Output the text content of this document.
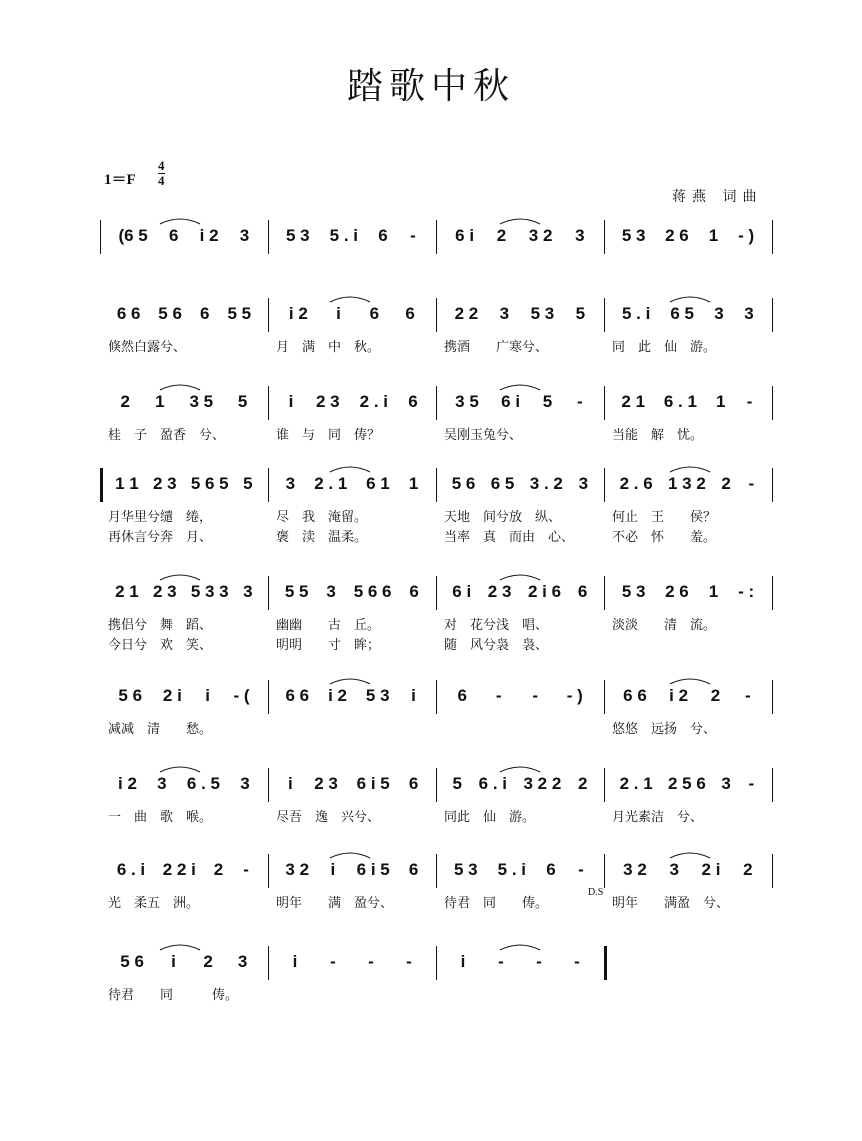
踏歌中秋
$1=F \frac{4}{4}$
蒋燕 词曲
D.S
(6 5 6 i 2 3 5 3 5 . i 6 - 6 i 2 3 2 3 5 3 2 6 1 - )
6 6 5 6 6 5 5 i 2 i 6 6 2 2 3 5 3 5 5 . i 6 5 3 3
倏然白露兮、	月　满　中　秋。	携酒　　广寒兮、	同　此　仙　游。
2 1 3 5 5 i 2 3 2 . i 6 3 5 6 i 5 - 2 1 6 . 1 1 -
桂　子　盈香　兮、	谁　与　同　俦？	吴刚玉兔兮、	当能　解　忧。
1 1 2 3 5 6 5 5 3 2 . 1 6 1 1 5 6 6 5 3 . 2 3 2 . 6 1 3 2 2 -
月华里兮缱　绻，	尽　我　淹留。	天地　间兮放　纵、	何止　王　　侯？
再休言兮奔　月、	褒　渎　温柔。	当率　真　而由　心、	不必　怀　　羞。
2 1 2 3 5 3 3 3 5 5 3 5 6 6 6 6 i 2 3 2 i 6 6 5 3 2 6 1 - :
携侣兮　舞　蹈、	幽幽　　古　丘。	对　花兮浅　唱、	淡淡　　清　流。
今日兮　欢　笑、	明明　　寸　眸；	随　风兮袅　袅、
5 6 2 i i - ( 6 6 i 2 5 3 i 6 - - - ) 6 6 i 2 2 -
减减　清　　愁。	悠悠　远扬　兮、
i 2 3 6 . 5 3 i 2 3 6 i 5 6 5 6 . i 3 2 2 2 2 . 1 2 5 6 3 -
一　曲　歌　喉。	尽吾　逸　兴兮、	同此　仙　游。	月光素洁　兮、
6 . i 2 2 i 2 - 3 2 i 6 i 5 6 5 3 5 . i 6 - 3 2 3 2 i 2
光　柔五　洲。	明年　　满　盈兮、	待君　同　　俦。	明年　　满盈　兮、
5 6 i 2 3	i - - -	i - - -
待君　　同　　　俦。
